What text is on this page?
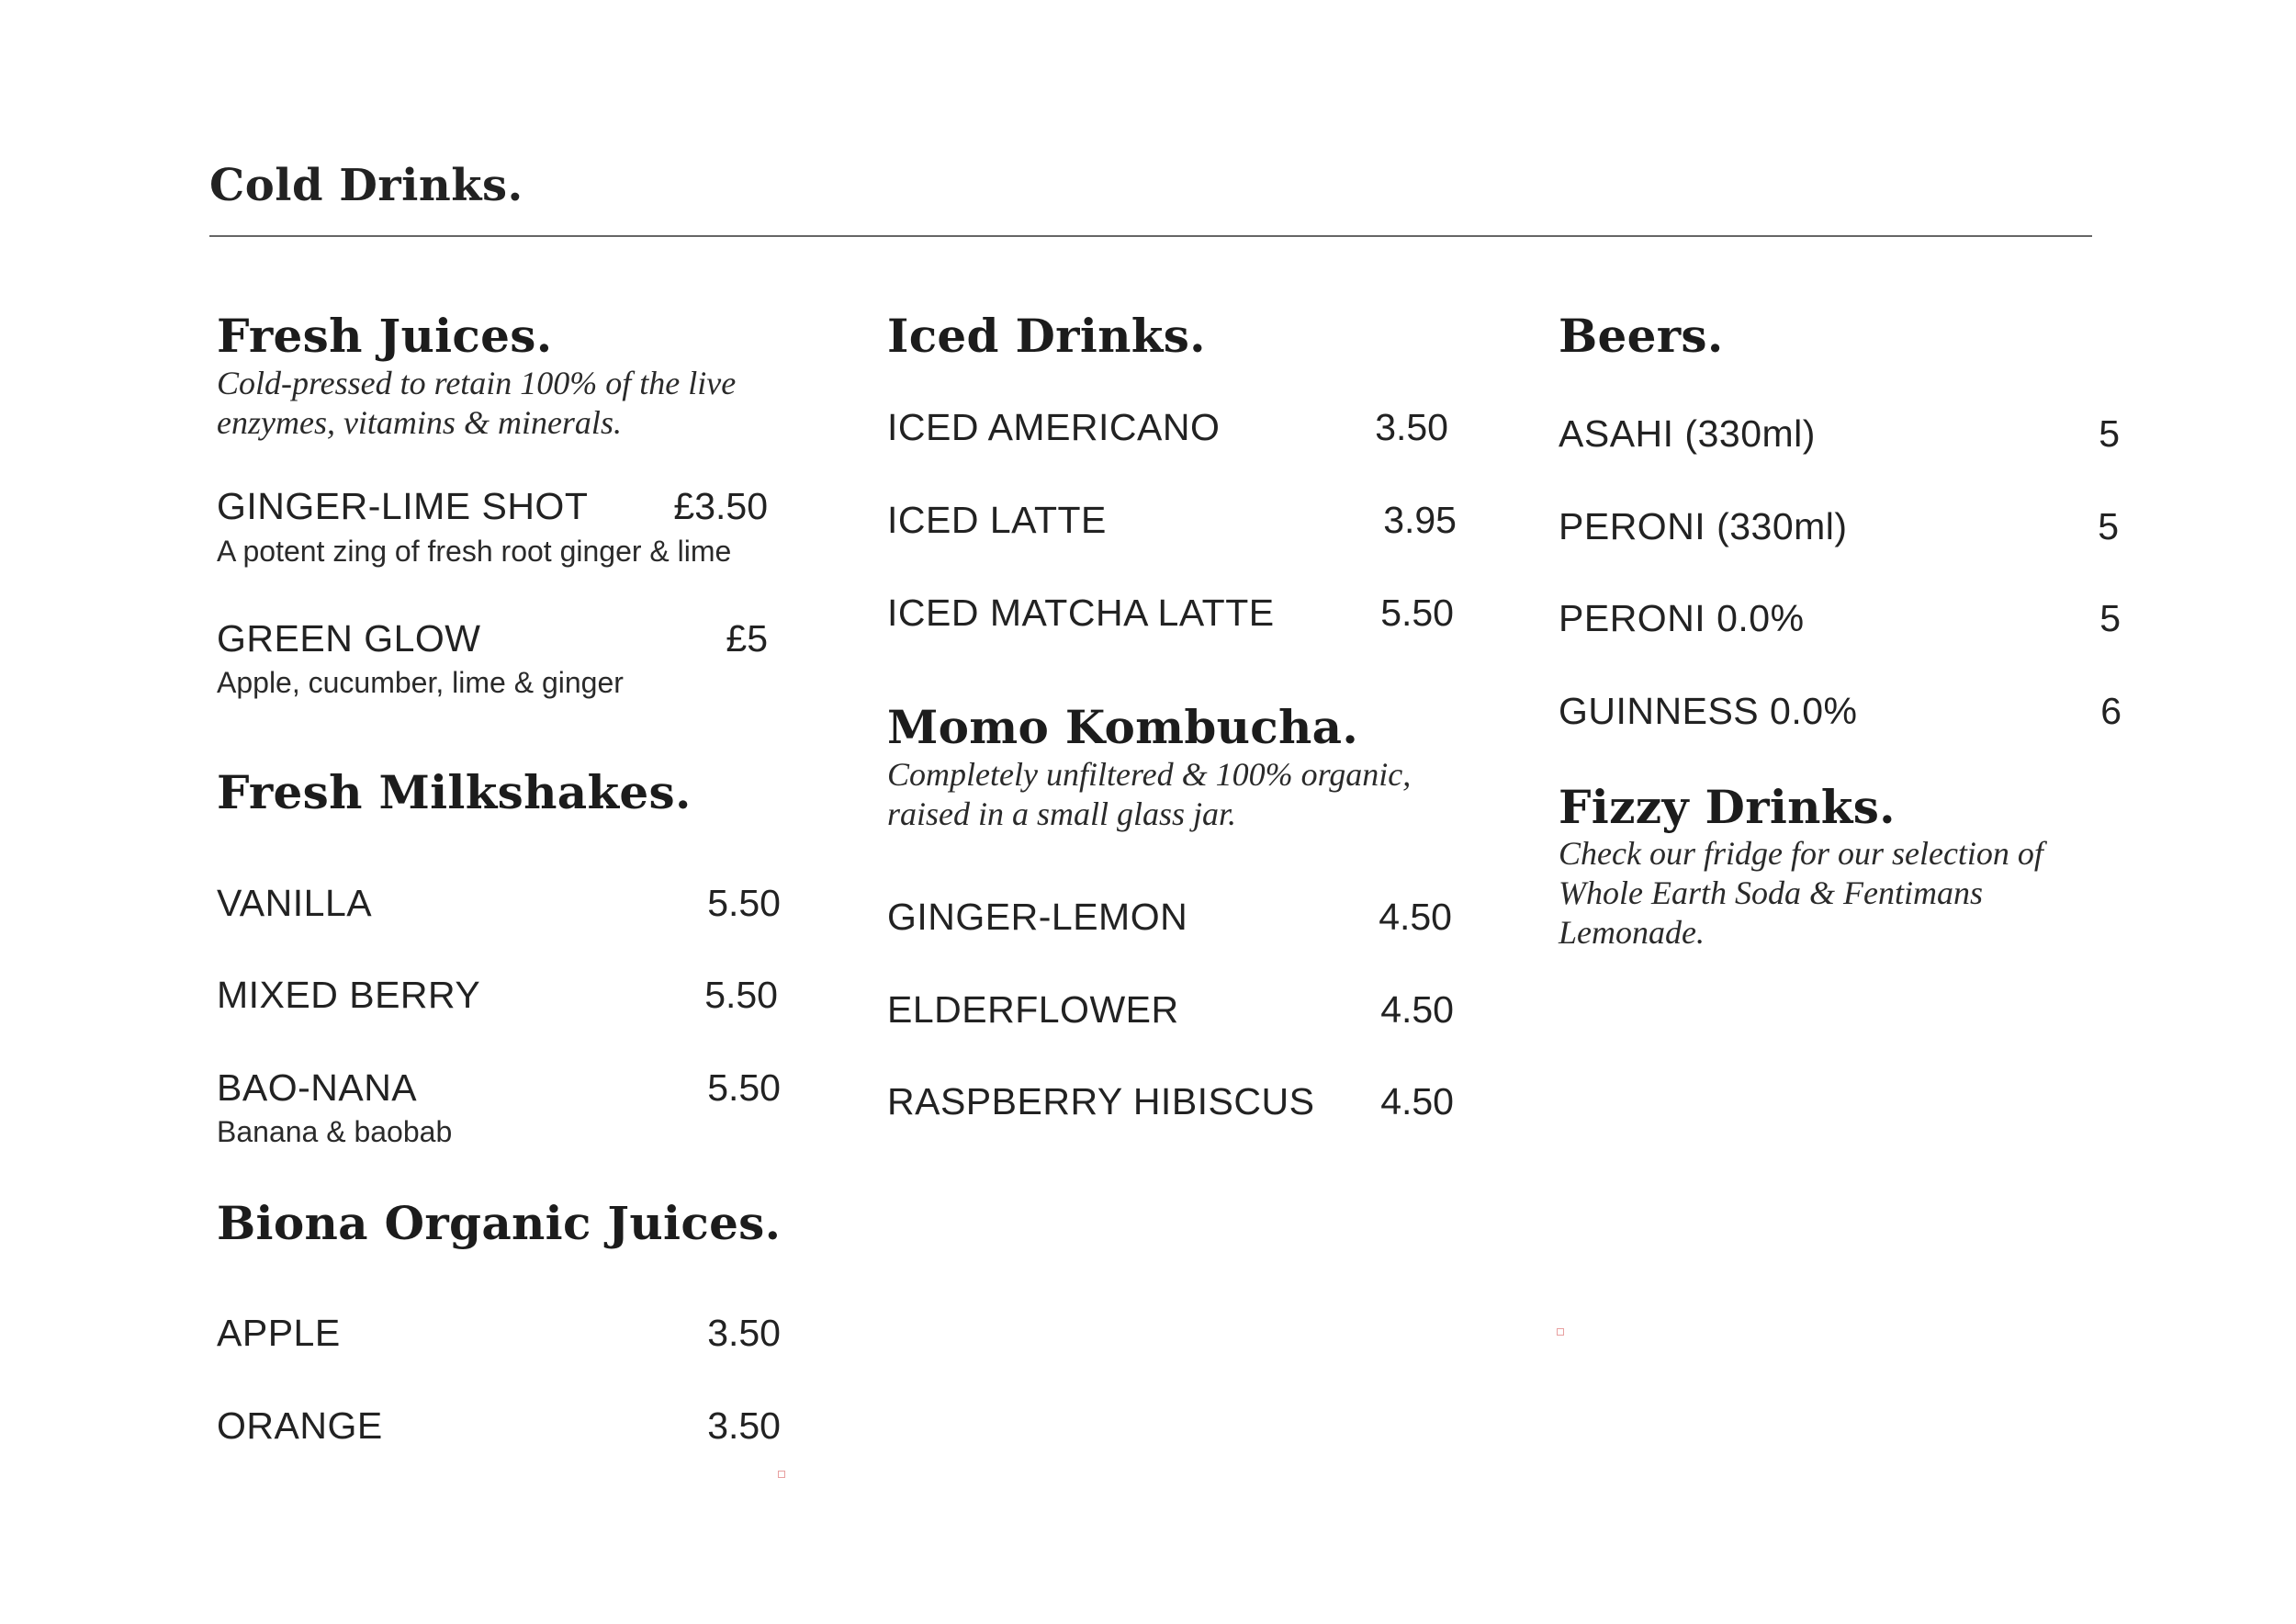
Cold Drinks.
Fresh Juices.
Cold-pressed to retain 100% of the live
enzymes, vitamins & minerals.
GINGER-LIME SHOT	£3.50
A potent zing of fresh root ginger & lime
GREEN GLOW	£5
Apple, cucumber, lime & ginger
Fresh Milkshakes.
VANILLA	5.50
MIXED BERRY	5.50
BAO-NANA	5.50
Banana & baobab
Biona Organic Juices.
APPLE	3.50
ORANGE	3.50
Iced Drinks.
ICED AMERICANO	3.50
ICED LATTE	3.95
ICED MATCHA LATTE	5.50
Momo Kombucha.
Completely unfiltered & 100% organic,
raised in a small glass jar.
GINGER-LEMON	4.50
ELDERFLOWER	4.50
RASPBERRY HIBISCUS	4.50
Beers.
ASAHI (330ml)	5
PERONI (330ml)	5
PERONI 0.0%	5
GUINNESS 0.0%	6
Fizzy Drinks.
Check our fridge for our selection of
Whole Earth Soda & Fentimans
Lemonade.
